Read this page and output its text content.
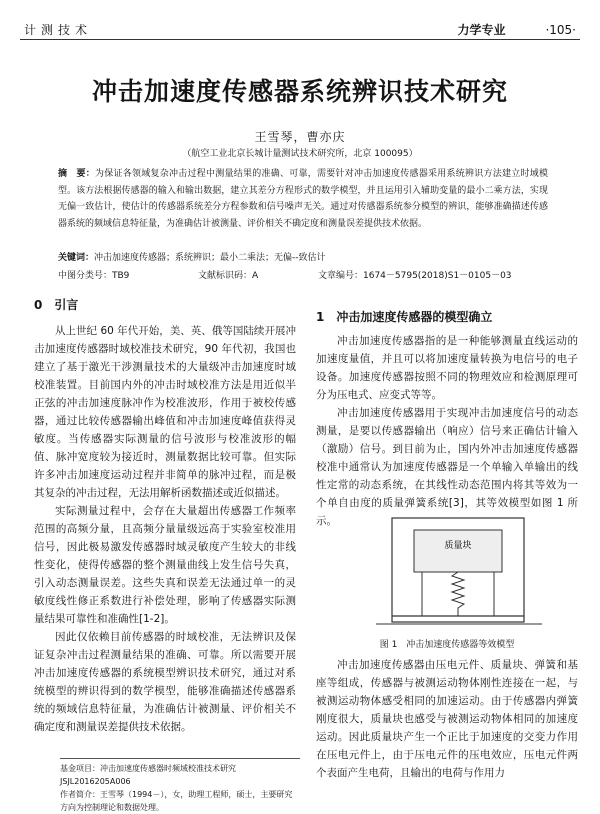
计测技术	力学专业	·105·
冲击加速度传感器系统辨识技术研究
王雪琴，曹亦庆
（航空工业北京长城计量测试技术研究所，北京 100095）
摘　要：为保证各领域复杂冲击过程中测量结果的准确、可靠，需要针对冲击加速度传感器采用系统辨识方法建立时域模型。该方法根据传感器的输入和输出数据，建立其差分方程形式的数学模型，并且运用引入辅助变量的最小二乘方法，实现无偏一致估计，使估计的传感器系统差分方程参数和信号噪声无关。通过对传感器系统参分模型的辨识，能够准确描述传感器系统的频域信息特征量，为准确估计被测量、评价相关不确定度和测量误差提供技术依据。
关键词：冲击加速度传感器；系统辨识；最小二乘法；无偏--致估计
中图分类号：TB9	文献标识码：A	文章编号：1674－5795(2018)S1－0105－03
0　引言

从上世纪 60 年代开始，美、英、俄等国陆续开展冲击加速度传感器时域校准技术研究，90 年代初，我国也建立了基于激光干涉测量技术的大量级冲击加速度时域校准装置。目前国内外的冲击时域校准方法是用近似半正弦的冲击加速度脉冲作为校准波形，作用于被校传感器，通过比较传感器输出峰值和冲击加速度峰值获得灵敏度。当传感器实际测量的信号波形与校准波形的幅值、脉冲宽度较为接近时，测量数据比较可靠。但实际许多冲击加速度运动过程并非简单的脉冲过程，而是极其复杂的冲击过程，无法用解析函数描述或近似描述。

实际测量过程中，会存在大量超出传感器工作频率范围的高频分量，且高频分量量级远高于实验室校准用信号，因此极易激发传感器时域灵敏度产生较大的非线性变化，使得传感器的整个测量曲线上发生信号失真，引入动态测量误差。这些失真和误差无法通过单一的灵敏度线性修正系数进行补偿处理，影响了传感器实际测量结果可靠性和准确性[1-2]。

因此仅依赖目前传感器的时域校准，无法辨识及保证复杂冲击过程测量结果的准确、可靠。所以需要开展冲击加速度传感器的系统模型辨识技术研究，通过对系统模型的辨识得到的数学模型，能够准确描述传感器系统的频域信息特征量，为准确估计被测量、评价相关不确定度和测量误差提供技术依据。

1　冲击加速度传感器的模型确立

冲击加速度传感器指的是一种能够测量直线运动的加速度量值，并且可以将加速度量转换为电信号的电子设备。加速度传感器按照不同的物理效应和检测原理可分为压电式、应变式等等。

冲击加速度传感器用于实现冲击加速度信号的动态测量，是要以传感器输出（响应）信号来正确估计输入（激励）信号。到目前为止，国内外冲击加速度传感器校准中通常认为加速度传感器是一个单输入单输出的线性定常的动态系统，在其线性动态范围内将其等效为一个单自由度的质量弹簧系统[3]，其等效模型如图 1 所示。

质量块
图 1　冲击加速度传感器等效模型

冲击加速度传感器由压电元件、质量块、弹簧和基座等组成，传感器与被测运动物体刚性连接在一起，与被测运动物体感受相同的加速运动。由于传感器内弹簧刚度很大，质量块也感受与被测运动物体相同的加速度运动。因此质量块产生一个正比于加速度的交变力作用在压电元件上，由于压电元件的压电效应，压电元件两个表面产生电荷，且输出的电荷与作用力

基金项目：冲击加速度传感器时频域校准技术研究 JSJL2016205A006
作者简介：王雪琴（1994－），女，助理工程师，硕士，主要研究方向为控制理论和数据处理。
